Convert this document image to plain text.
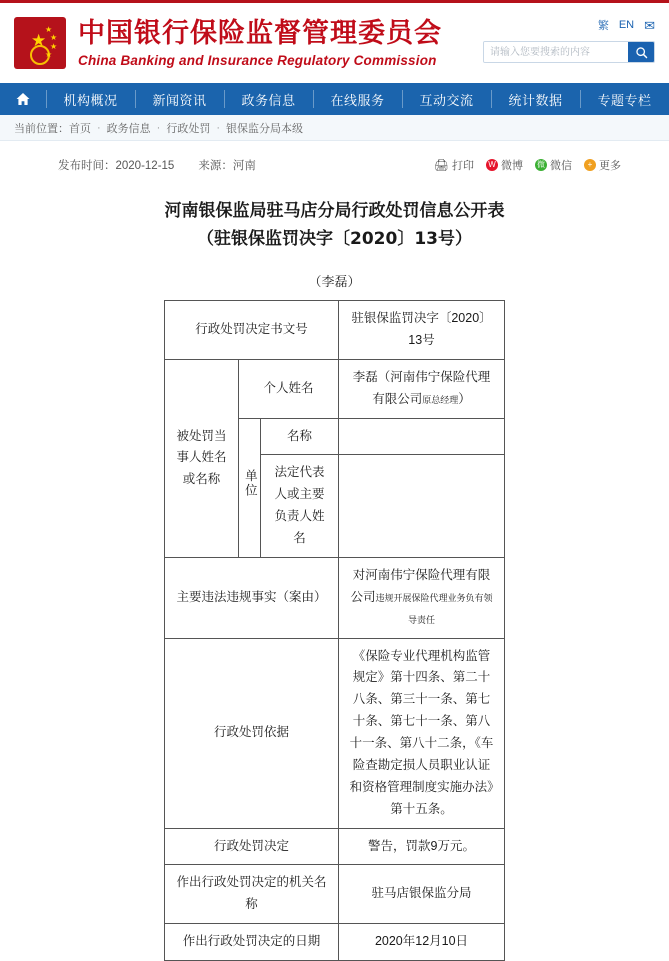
★
★
★
★
★
中国银行保险监督管理委员会
China Banking and Insurance Regulatory Commission
繁 EN ✉
请输入您要搜索的内容
机构概况	新闻资讯	政务信息	在线服务	互动交流	统计数据	专题专栏
当前位置： 首页 · 政务信息 · 行政处罚 · 银保监分局本级
发布时间：2020-12-15 来源：河南	🖨 打印 W 微博 微 微信	+ 更多
河南银保监局驻马店分局行政处罚信息公开表
（驻银保监罚决字〔2020〕13号）
（李磊）
行政处罚决定书文号			驻银保监罚决字〔2020〕13号
被处罚当事人姓名或名称	个人姓名		李磊（河南伟宁保险代理有限公司原总经理）
	单位	名称	
		法定代表人或主要负责人姓名	
主要违法违规事实（案由）			对河南伟宁保险代理有限公司违规开展保险代理业务负有领导责任
行政处罚依据			《保险专业代理机构监管规定》第十四条、第二十八条、第三十一条、第七十条、第七十一条、第八十一条、第八十二条，《车险查勘定损人员职业认证和资格管理制度实施办法》第十五条。
行政处罚决定			警告，罚款9万元。
作出行政处罚决定的机关名称			驻马店银保监分局
作出行政处罚决定的日期			2020年12月10日
